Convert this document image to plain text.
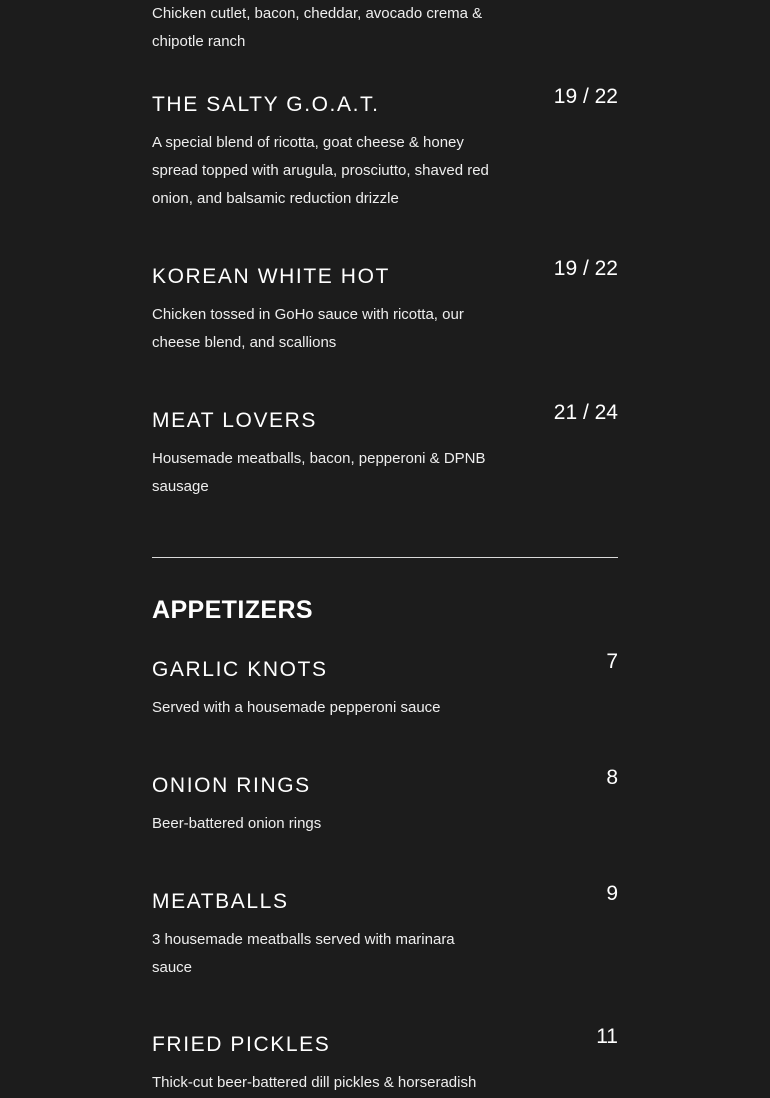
Chicken cutlet, bacon, cheddar, avocado crema & chipotle ranch
THE SALTY G.O.A.T.	19 / 22
A special blend of ricotta, goat cheese & honey spread topped with arugula, prosciutto, shaved red onion, and balsamic reduction drizzle
KOREAN WHITE HOT	19 / 22
Chicken tossed in GoHo sauce with ricotta, our cheese blend, and scallions
MEAT LOVERS	21 / 24
Housemade meatballs, bacon, pepperoni & DPNB sausage
APPETIZERS
GARLIC KNOTS	7
Served with a housemade pepperoni sauce
ONION RINGS	8
Beer-battered onion rings
MEATBALLS	9
3 housemade meatballs served with marinara sauce
FRIED PICKLES	11
Thick-cut beer-battered dill pickles & horseradish
